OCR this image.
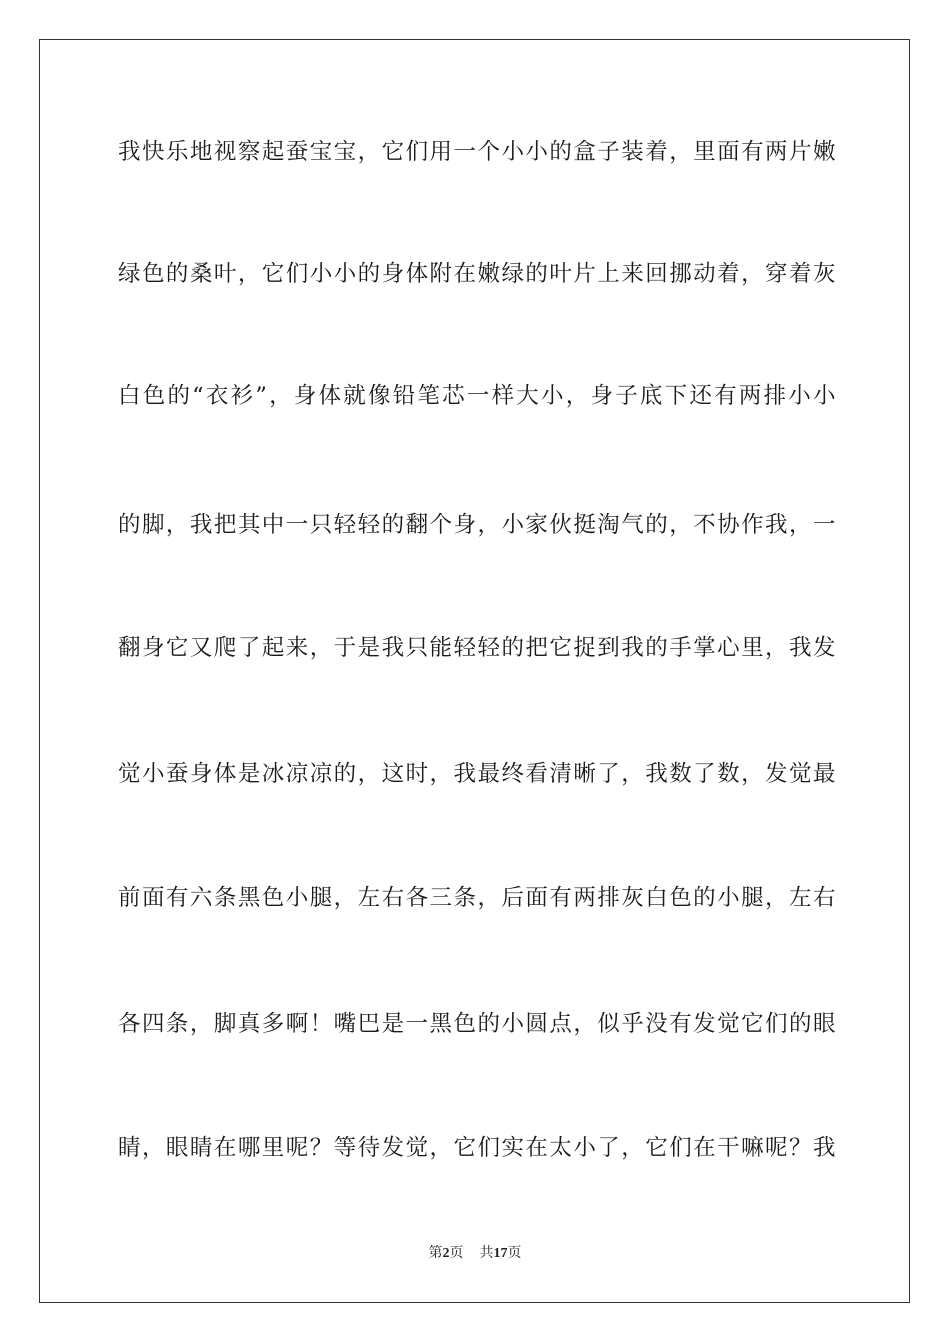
我快乐地视察起蚕宝宝，它们用一个小小的盒子装着，里面有两片嫩
绿色的桑叶，它们小小的身体附在嫩绿的叶片上来回挪动着，穿着灰
白色的“衣衫”，身体就像铅笔芯一样大小，身子底下还有两排小小
的脚，我把其中一只轻轻的翻个身，小家伙挺淘气的，不协作我，一
翻身它又爬了起来，于是我只能轻轻的把它捉到我的手掌心里，我发
觉小蚕身体是冰凉凉的，这时，我最终看清晰了，我数了数，发觉最
前面有六条黑色小腿，左右各三条，后面有两排灰白色的小腿，左右
各四条，脚真多啊！嘴巴是一黑色的小圆点，似乎没有发觉它们的眼
睛，眼睛在哪里呢？等待发觉，它们实在太小了，它们在干嘛呢？我
第2页 共17页
